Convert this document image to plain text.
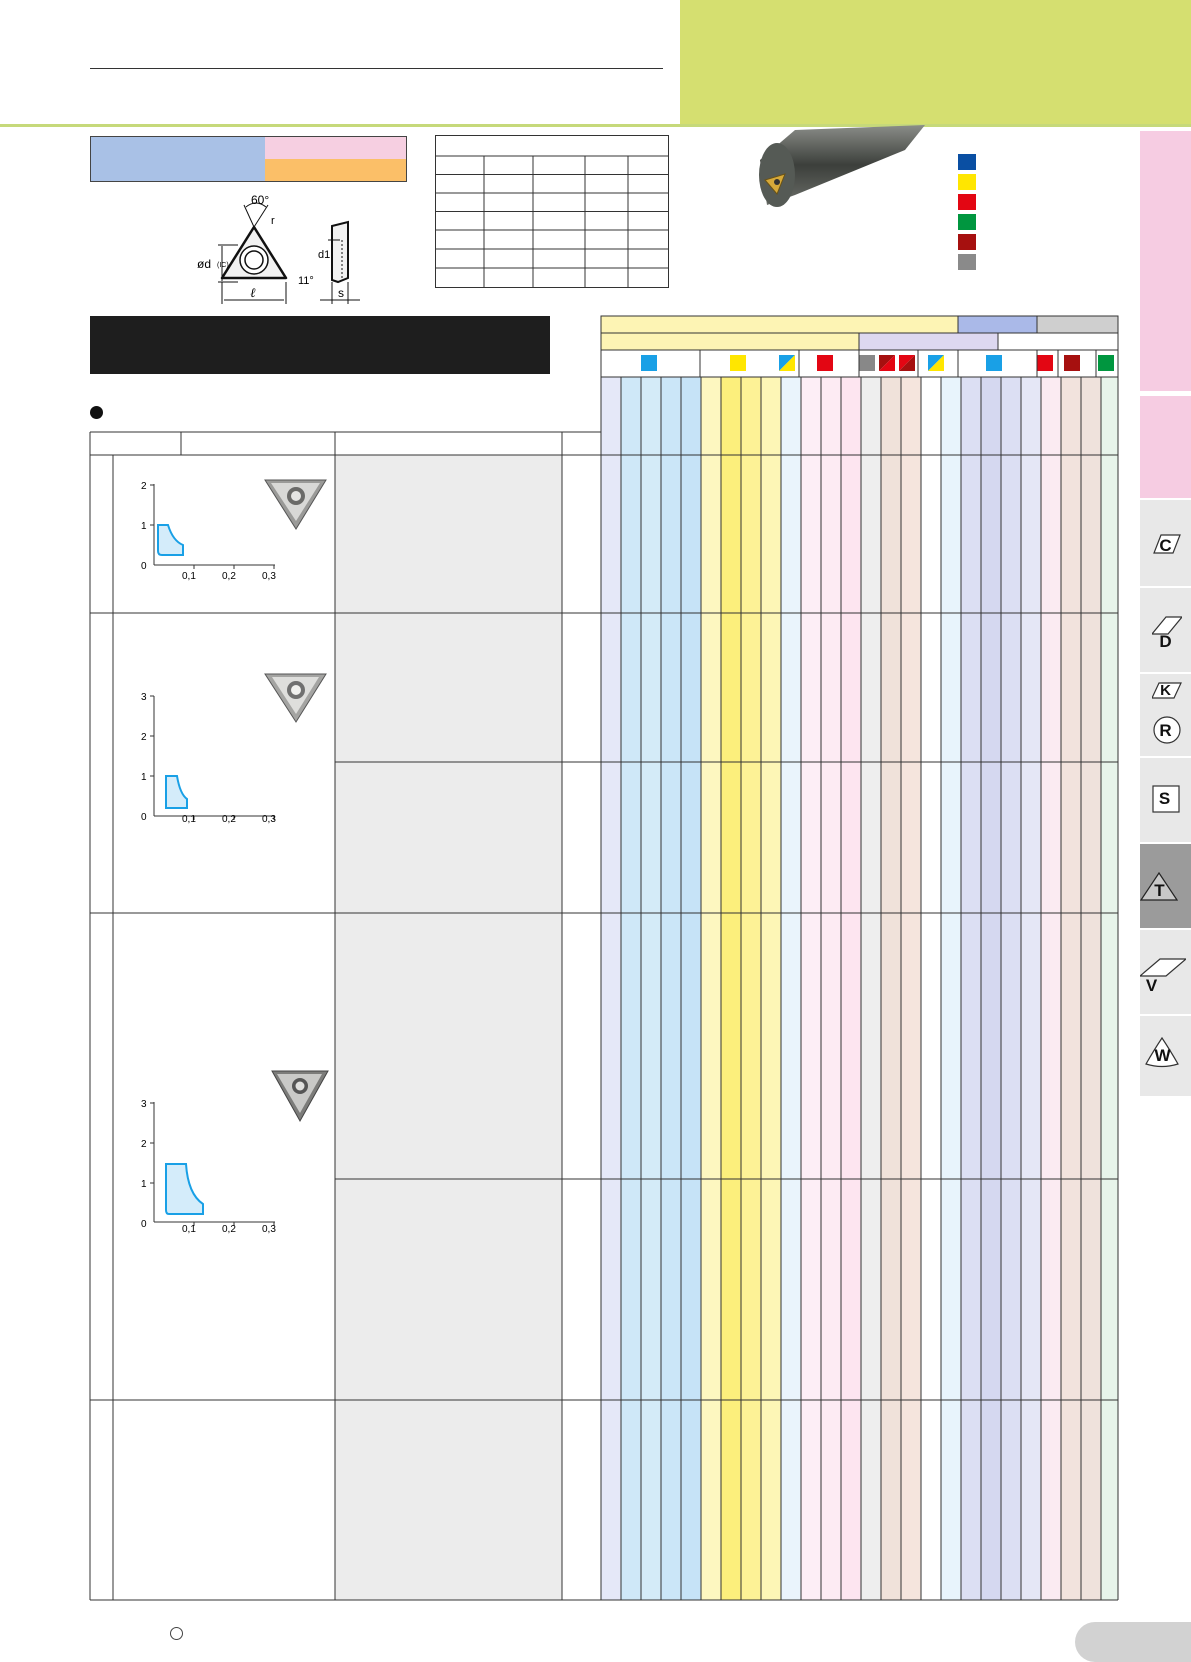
C
D
K
R
S
T
V
W
60°
r
ød (IC)
ℓ
d1
11°
s
2
1
0
0,1	0,2	0,3
3
2
1
0	0,1	0,2	0,3
3
2
1
0	0,1	0,2	0,3
